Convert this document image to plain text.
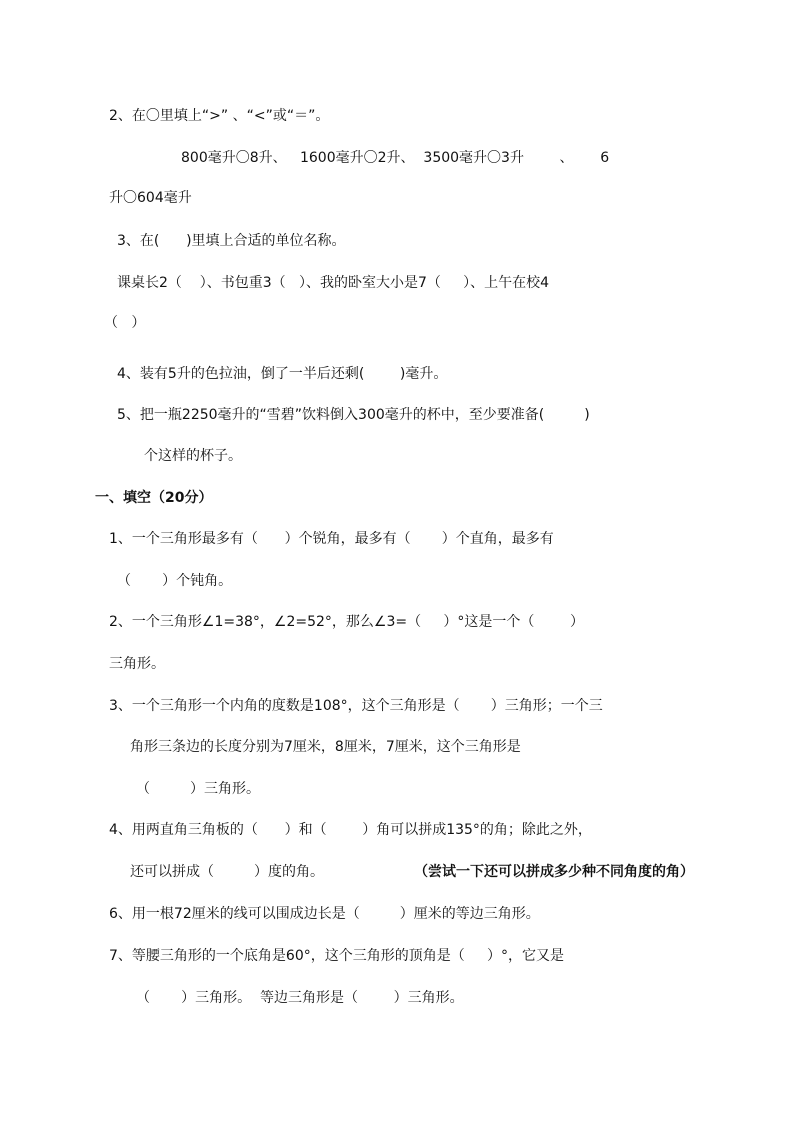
2、在〇里填上“>” 、“<”或“＝”。
800毫升〇8升、   1600毫升〇2升、  3500毫升〇3升        、      6
升〇604毫升
3、在(      )里填上合适的单位名称。
课桌长2（    ）、书包重3（   ）、我的卧室大小是7（     ）、上午在校4
（   ）
4、装有5升的色拉油，倒了一半后还剩(        )毫升。
5、把一瓶2250毫升的“雪碧”饮料倒入300毫升的杯中，至少要准备(         )
个这样的杯子。
一、填空（20分）
1、一个三角形最多有（      ）个锐角，最多有（       ）个直角，最多有
（       ）个钝角。
2、一个三角形∠1=38°，∠2=52°，那么∠3=（     ）°这是一个（        ）
三角形。
3、一个三角形一个内角的度数是108°，这个三角形是（       ）三角形；一个三
角形三条边的长度分别为7厘米，8厘米，7厘米，这个三角形是
（         ）三角形。
4、用两直角三角板的（      ）和（        ）角可以拼成135°的角；除此之外，
还可以拼成（         ）度的角。	（尝试一下还可以拼成多少种不同角度的角）
6、用一根72厘米的线可以围成边长是（         ）厘米的等边三角形。
7、等腰三角形的一个底角是60°，这个三角形的顶角是（     ）°，它又是
（       ）三角形。  等边三角形是（        ）三角形。
